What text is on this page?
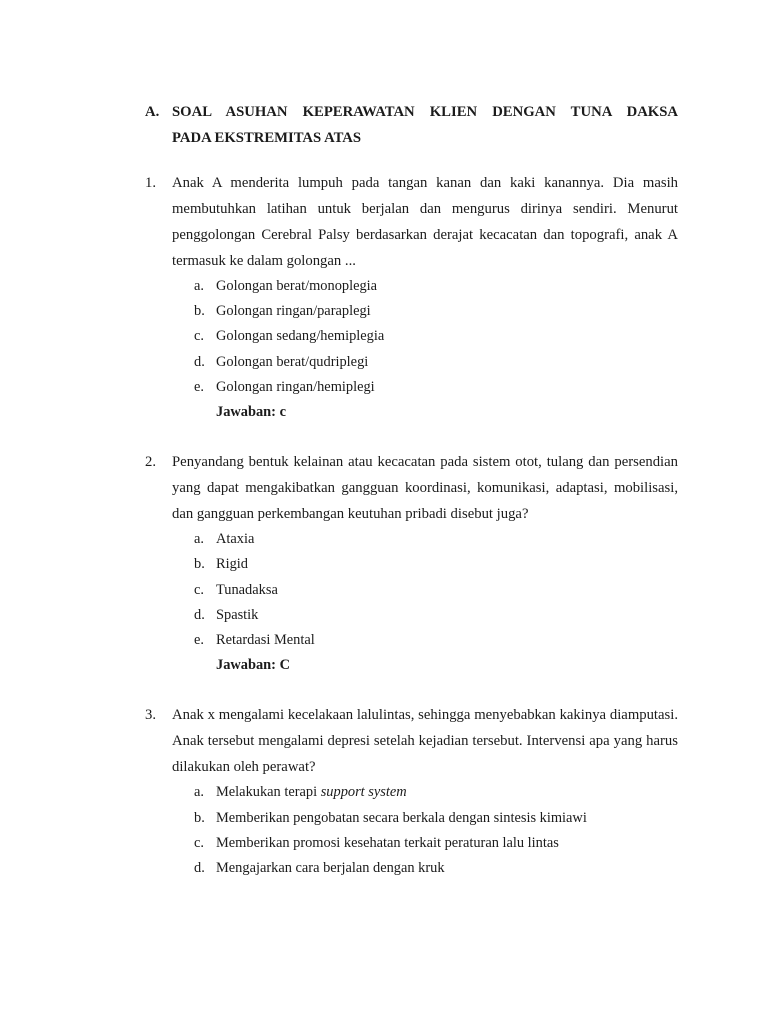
A. SOAL ASUHAN KEPERAWATAN KLIEN DENGAN TUNA DAKSA
PADA EKSTREMITAS ATAS
1.	Anak A menderita lumpuh pada tangan kanan dan kaki kanannya. Dia masih membutuhkan latihan untuk berjalan dan mengurus dirinya sendiri. Menurut penggolongan Cerebral Palsy berdasarkan derajat kecacatan dan topografi, anak A termasuk ke dalam golongan ...

a. Golongan berat/monoplegia
b. Golongan ringan/paraplegi
c. Golongan sedang/hemiplegia
d. Golongan berat/qudriplegi
e. Golongan ringan/hemiplegi
Jawaban: c
2.	Penyandang bentuk kelainan atau kecacatan pada sistem otot, tulang dan persendian yang dapat mengakibatkan gangguan koordinasi, komunikasi, adaptasi, mobilisasi, dan gangguan perkembangan keutuhan pribadi disebut juga?

a. Ataxia
b. Rigid
c. Tunadaksa
d. Spastik
e. Retardasi Mental
Jawaban: C
3.	Anak x mengalami kecelakaan lalulintas, sehingga menyebabkan kakinya diamputasi. Anak tersebut mengalami depresi setelah kejadian tersebut. Intervensi apa yang harus dilakukan oleh perawat?

a. Melakukan terapi support system
b. Memberikan pengobatan secara berkala dengan sintesis kimiawi
c. Memberikan promosi kesehatan terkait peraturan lalu lintas
d. Mengajarkan cara berjalan dengan kruk
